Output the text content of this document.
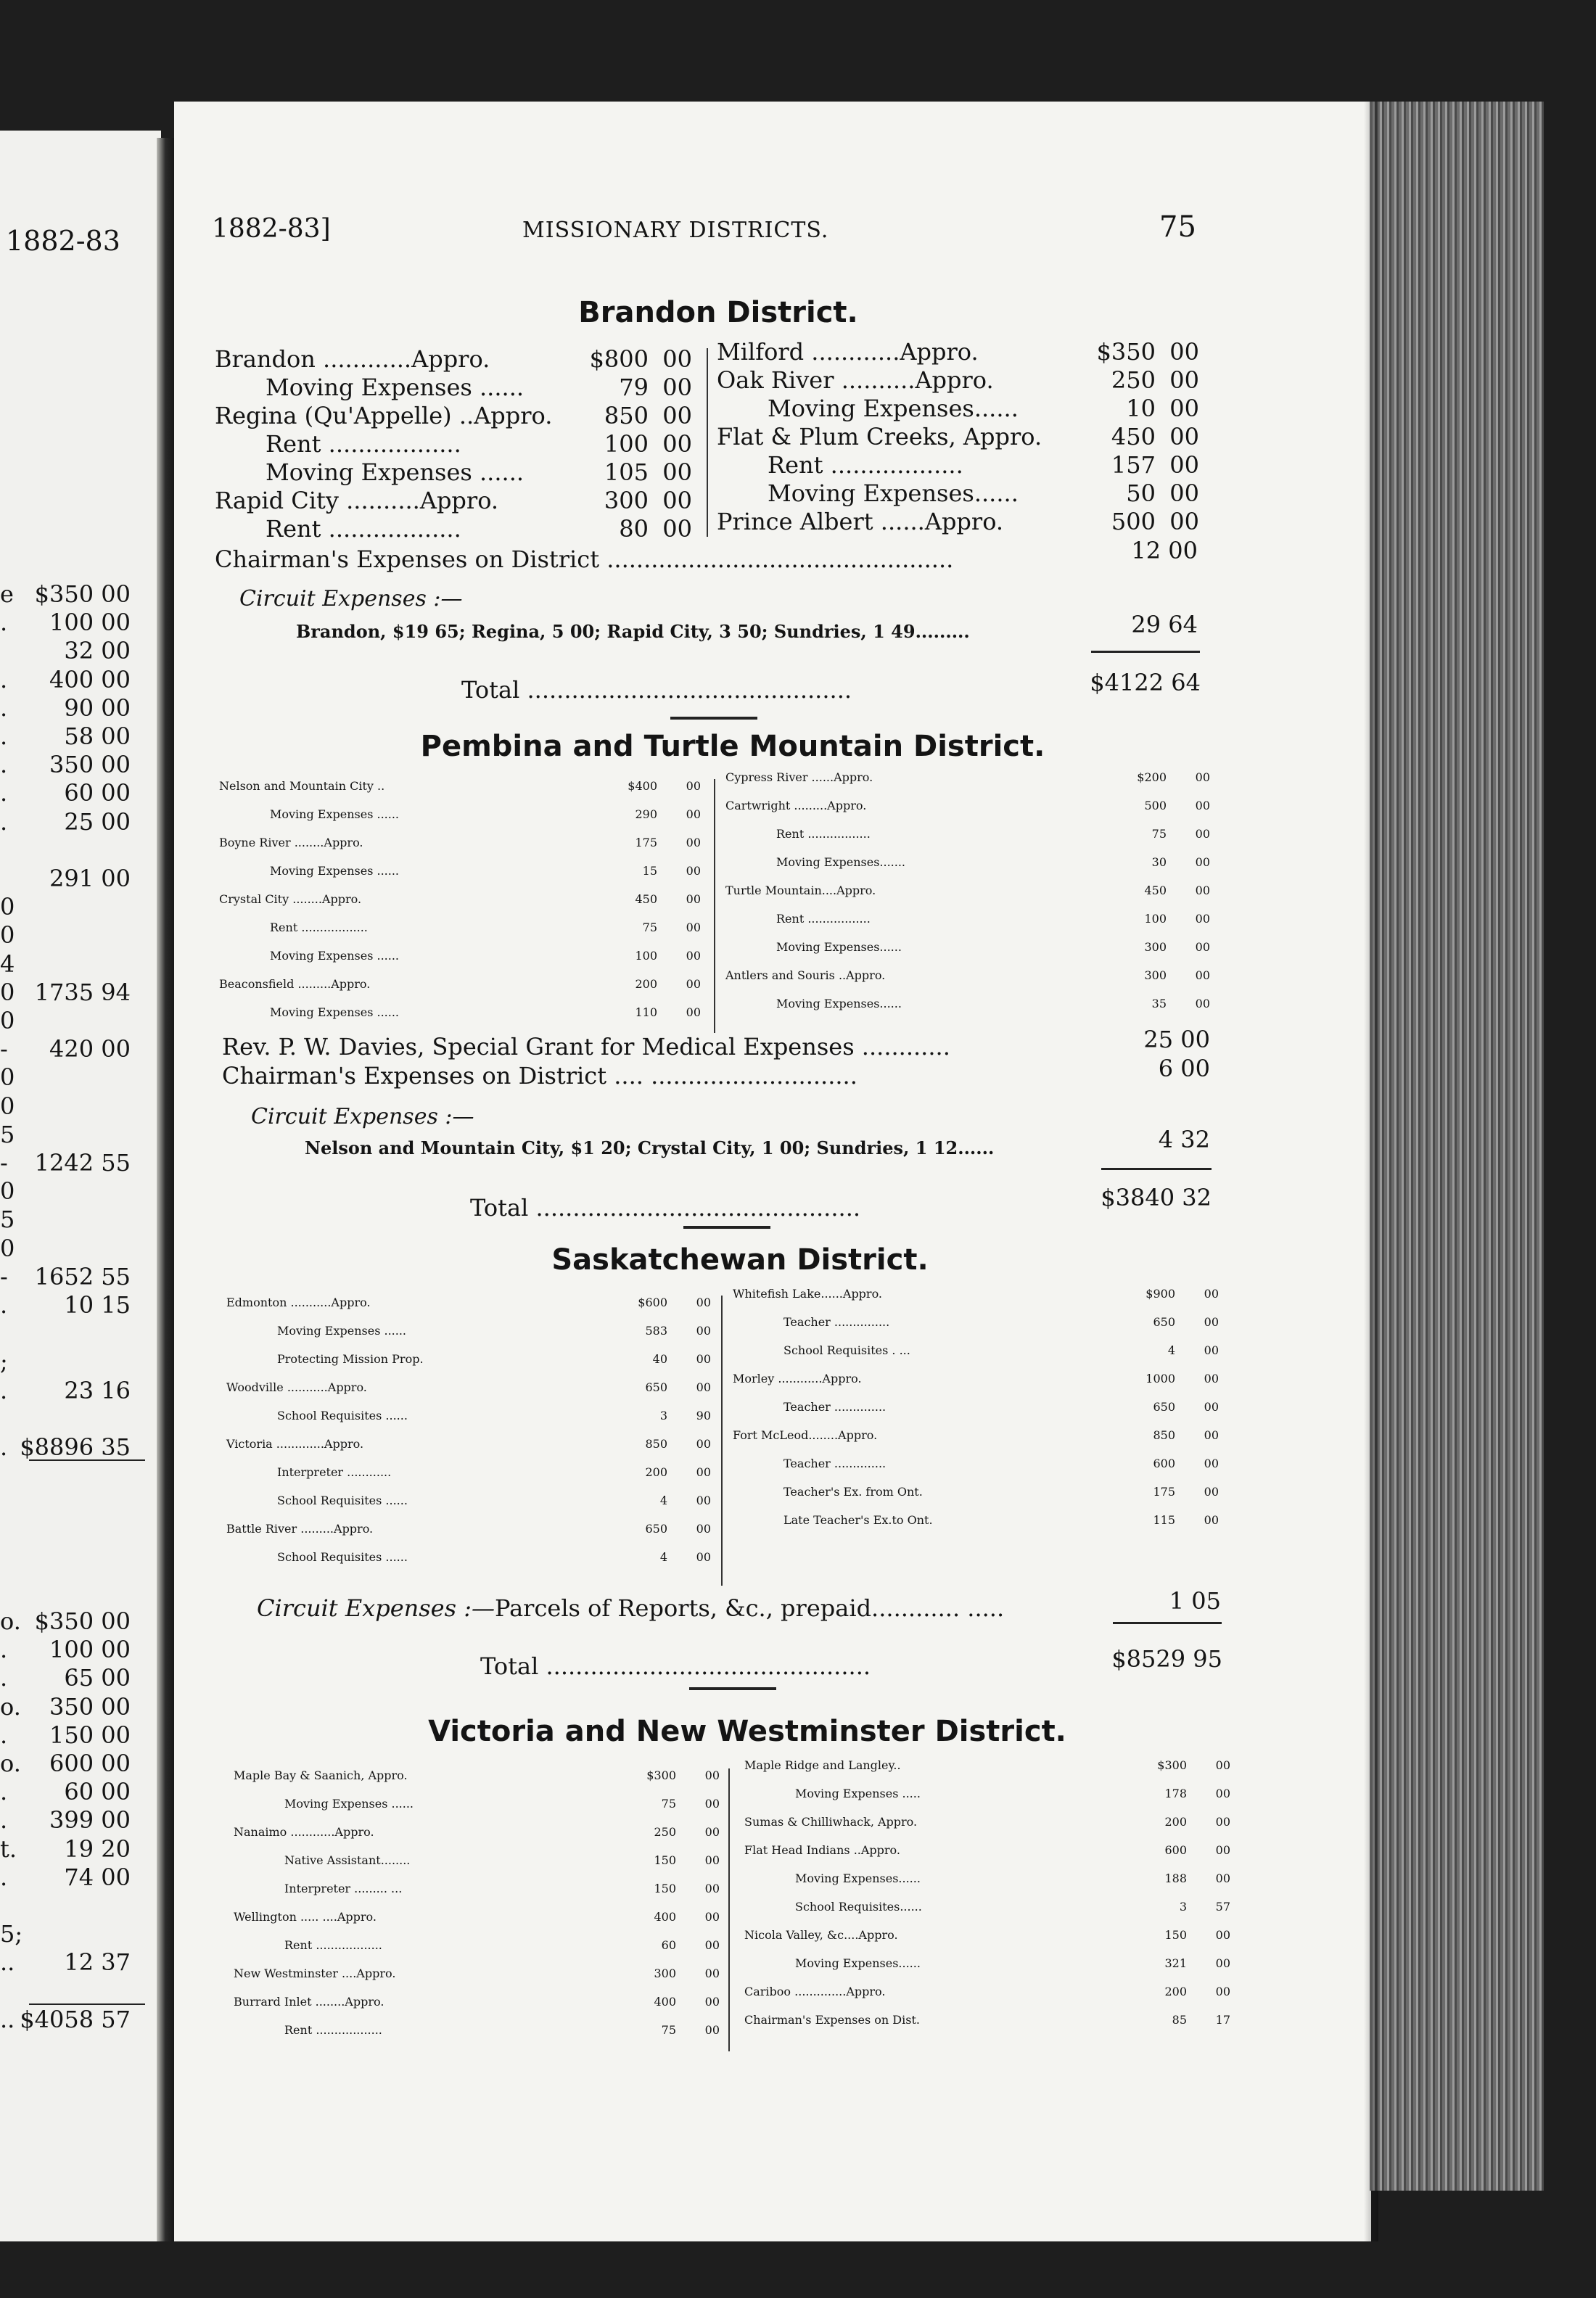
1882-83
e $350 00
. 100 00
32 00
. 400 00
. 90 00
. 58 00
. 350 00
. 60 00
. 25 00
291 00
0
0
4
0 1735 94
0
- 420 00
0
0
5
- 1242 55
0
5
0
- 1652 55
. 10 15
;
. 23 16
. $8896 35
o. $350 00
. 100 00
. 65 00
o. 350 00
. 150 00
o. 600 00
. 60 00
. 399 00
t. 19 20
. 74 00
5;
.. 12 37
.. $4058 57
1882-83]	MISSIONARY DISTRICTS.	75
Brandon District.
Brandon ............Appro.	$800 00
Moving Expenses ......	79 00
Regina (Qu'Appelle) ..Appro. 850 00
Rent ..................	100 00
Moving Expenses ......	105 00
Rapid City ..........Appro.	300 00
Rent ..................	80 00
Milford ............Appro.	$350 00
Oak River ..........Appro.	250 00
Moving Expenses......	10 00
Flat & Plum Creeks, Appro.	450 00
Rent ..................	157 00
Moving Expenses......	50 00
Prince Albert ......Appro.	500 00
Chairman's Expenses on District ...............................................	12 00
Circuit Expenses :—
Brandon, $19 65; Regina, 5 00; Rapid City, 3 50; Sundries, 1 49.........	29 64
Total ............................................	$4122 64
Pembina and Turtle Mountain District.
Nelson and Mountain City ..	$400 00
Moving Expenses ......	290 00
Boyne River ........Appro.	175 00
Moving Expenses ......	15 00
Crystal City ........Appro.	450 00
Rent ..................	75 00
Moving Expenses ......	100 00
Beaconsfield .........Appro.	200 00
Moving Expenses ......	110 00
Cypress River ......Appro.	$200 00
Cartwright .........Appro.	500 00
Rent .................	75 00
Moving Expenses.......	30 00
Turtle Mountain....Appro.	450 00
Rent .................	100 00
Moving Expenses......	300 00
Antlers and Souris ..Appro.	300 00
Moving Expenses......	35 00
Rev. P. W. Davies, Special Grant for Medical Expenses ............	25 00
Chairman's Expenses on District .... ............................	6 00
Circuit Expenses :—
Nelson and Mountain City, $1 20; Crystal City, 1 00; Sundries, 1 12......	4 32
Total ............................................	$3840 32
Saskatchewan District.
Edmonton ...........Appro.	$600 00
Moving Expenses ......	583 00
Protecting Mission Prop.	40 00
Woodville ...........Appro.	650 00
School Requisites ......	3 90
Victoria .............Appro.	850 00
Interpreter ............	200 00
School Requisites ......	4 00
Battle River .........Appro.	650 00
School Requisites ......	4 00
Whitefish Lake......Appro.	$900 00
Teacher ...............	650 00
School Requisites . ...	4 00
Morley ............Appro.	1000 00
Teacher ..............	650 00
Fort McLeod........Appro.	850 00
Teacher ..............	600 00
Teacher's Ex. from Ont.	175 00
Late Teacher's Ex.to Ont.	115 00
Circuit Expenses :—Parcels of Reports, &c., prepaid............ .....	1 05
Total ............................................	$8529 95
Victoria and New Westminster District.
Maple Bay & Saanich, Appro.	$300 00
Moving Expenses ......	75 00
Nanaimo ............Appro.	250 00
Native Assistant........	150 00
Interpreter ......... ...	150 00
Wellington ..... ....Appro.	400 00
Rent ..................	60 00
New Westminster ....Appro.	300 00
Burrard Inlet ........Appro.	400 00
Rent ..................	75 00
Maple Ridge and Langley..	$300 00
Moving Expenses .....	178 00
Sumas & Chilliwhack, Appro.	200 00
Flat Head Indians ..Appro.	600 00
Moving Expenses......	188 00
School Requisites......	3 57
Nicola Valley, &c....Appro.	150 00
Moving Expenses......	321 00
Cariboo ..............Appro.	200 00
Chairman's Expenses on Dist.	85 17
